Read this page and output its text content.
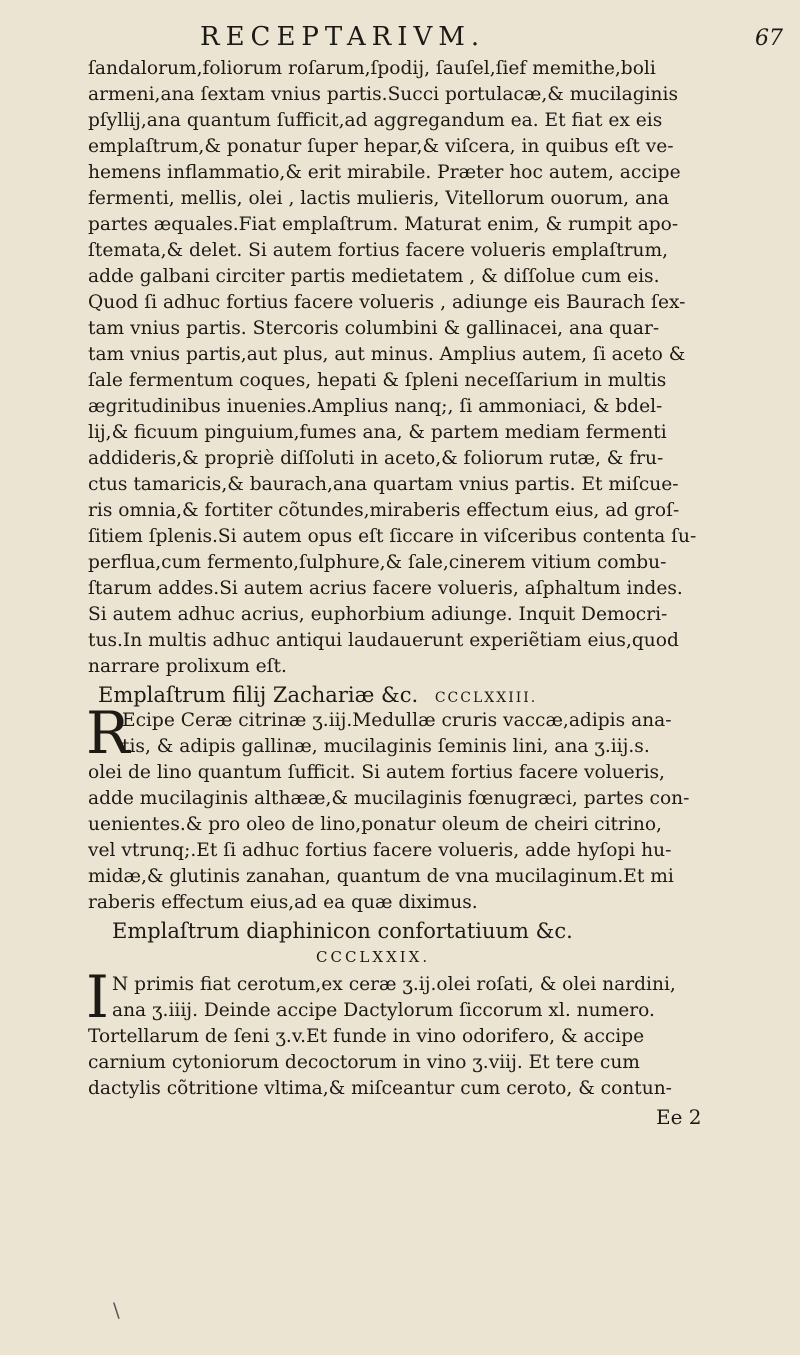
RECEPTARIVM.	67
ſandalorum,foliorum roſarum,ſpodij, ſauſel,ſief memithe,boli
armeni,ana ſextam vnius partis.Succi portulacæ,& mucilaginis
pſyllij,ana quantum ſufficit,ad aggregandum ea. Et fiat ex eis
emplaſtrum,& ponatur ſuper hepar,& viſcera, in quibus eſt ve-
hemens inflammatio,& erit mirabile. Præter hoc autem, accipe
fermenti, mellis, olei , lactis mulieris, Vitellorum ouorum, ana
partes æquales.Fiat emplaſtrum. Maturat enim, & rumpit apo-
ſtemata,& delet. Si autem fortius facere volueris emplaſtrum,
adde galbani circiter partis medietatem , & diſſolue cum eis.
Quod ſi adhuc fortius facere volueris , adiunge eis Baurach ſex-
tam vnius partis. Stercoris columbini & gallinacei, ana quar-
tam vnius partis,aut plus, aut minus. Amplius autem, ſi aceto &
ſale fermentum coques, hepati & ſpleni neceſſarium in multis
ægritudinibus inuenies.Amplius nanq;, ſi ammoniaci, & bdel-
lij,& ficuum pinguium,fumes ana, & partem mediam fermenti
addideris,& propriè diſſoluti in aceto,& foliorum rutæ, & fru-
ctus tamaricis,& baurach,ana quartam vnius partis. Et miſcue-
ris omnia,& fortiter cõtundes,miraberis effectum eius, ad groſ-
ſitiem ſplenis.Si autem opus eſt ſiccare in viſceribus contenta ſu-
perflua,cum fermento,ſulphure,& ſale,cinerem vitium combu-
ſtarum addes.Si autem acrius facere volueris, aſphaltum indes.
Si autem adhuc acrius, euphorbium adiunge. Inquit Democri-
tus.In multis adhuc antiqui laudauerunt experiẽtiam eius,quod
narrare prolixum eſt.
Emplaſtrum filij Zachariæ &c. CCCLXXIII.
R
Ecipe Ceræ citrinæ ʒ.iij.Medullæ cruris vaccæ,adipis ana-
tis, & adipis gallinæ, mucilaginis ſeminis lini, ana ʒ.iij.s.
olei de lino quantum ſufficit. Si autem fortius facere volueris,
adde mucilaginis althææ,& mucilaginis fœnugræci, partes con-
uenientes.& pro oleo de lino,ponatur oleum de cheiri citrino,
vel vtrunq;.Et ſi adhuc fortius facere volueris, adde hyſopi hu-
midæ,& glutinis zanahan, quantum de vna mucilaginum.Et mi
raberis effectum eius,ad ea quæ diximus.
Emplaſtrum diaphinicon confortatiuum &c.
CCCLXXIX.
I N primis fiat cerotum,ex ceræ ʒ.ij.olei roſati, & olei nardini,
ana ʒ.iiij. Deinde accipe Dactylorum ſiccorum xl. numero.
Tortellarum de ſeni ʒ.v.Et funde in vino odorifero, & accipe
carnium cytoniorum decoctorum in vino ʒ.viij. Et tere cum
dactylis cõtritione vltima,& miſceantur cum ceroto, & contun-
Ee 2
\
